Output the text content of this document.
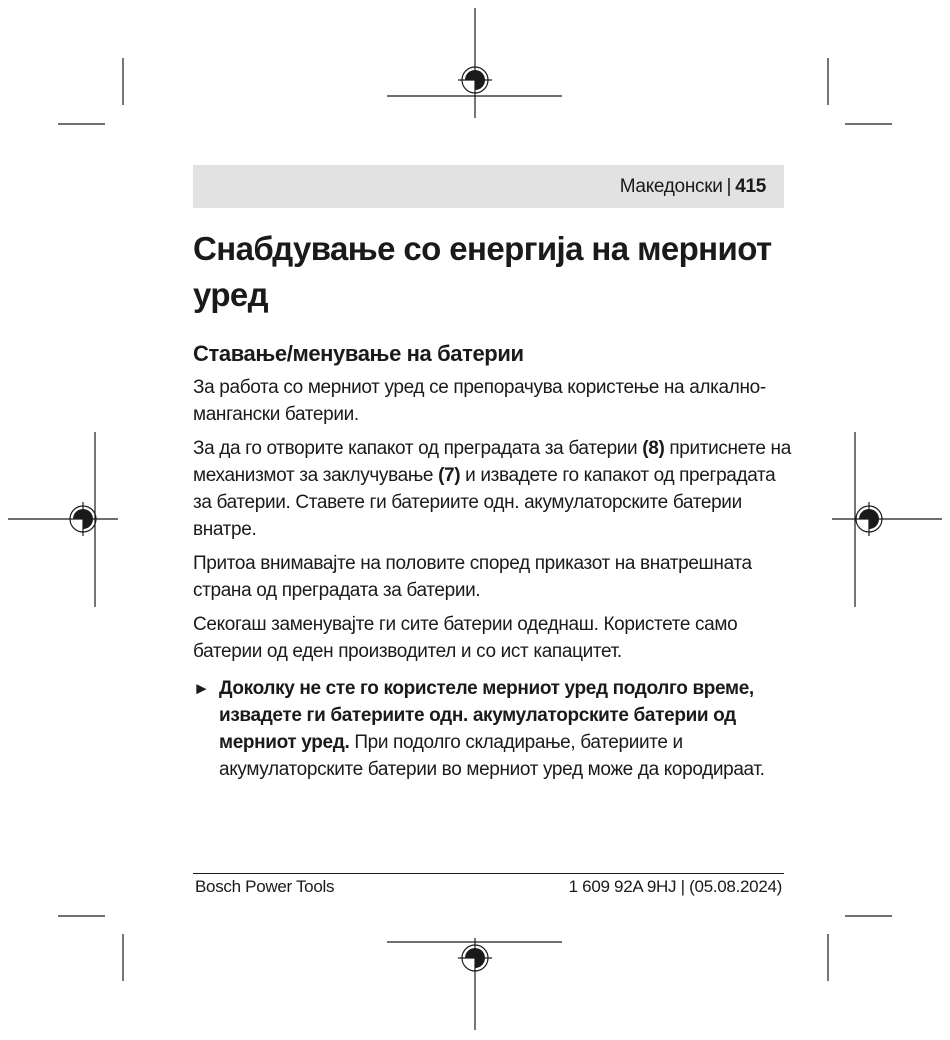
Македонски | 415
Снабдување со енергија на мерниот уред
Ставање/менување на батерии

За работа со мерниот уред се препорачува користење на алкално-мангански батерии.

За да го отворите капакот од преградата за батерии (8) притиснете на механизмот за заклучување (7) и извадете го капакот од преградата за батерии. Ставете ги батериите одн. акумулаторските батерии внатре.

Притоа внимавајте на половите според приказот на внатрешната страна од преградата за батерии.

Секогаш заменувајте ги сите батерии одеднаш. Користете само батерии од еден производител и со ист капацитет.

► Доколку не сте го користеле мерниот уред подолго време, извадете ги батериите одн. акумулаторските батерии од мерниот уред. При подолго складирање, батериите и акумулаторските батерии во мерниот уред може да кородираат.

Bosch Power Tools	1 609 92A 9HJ | (05.08.2024)
